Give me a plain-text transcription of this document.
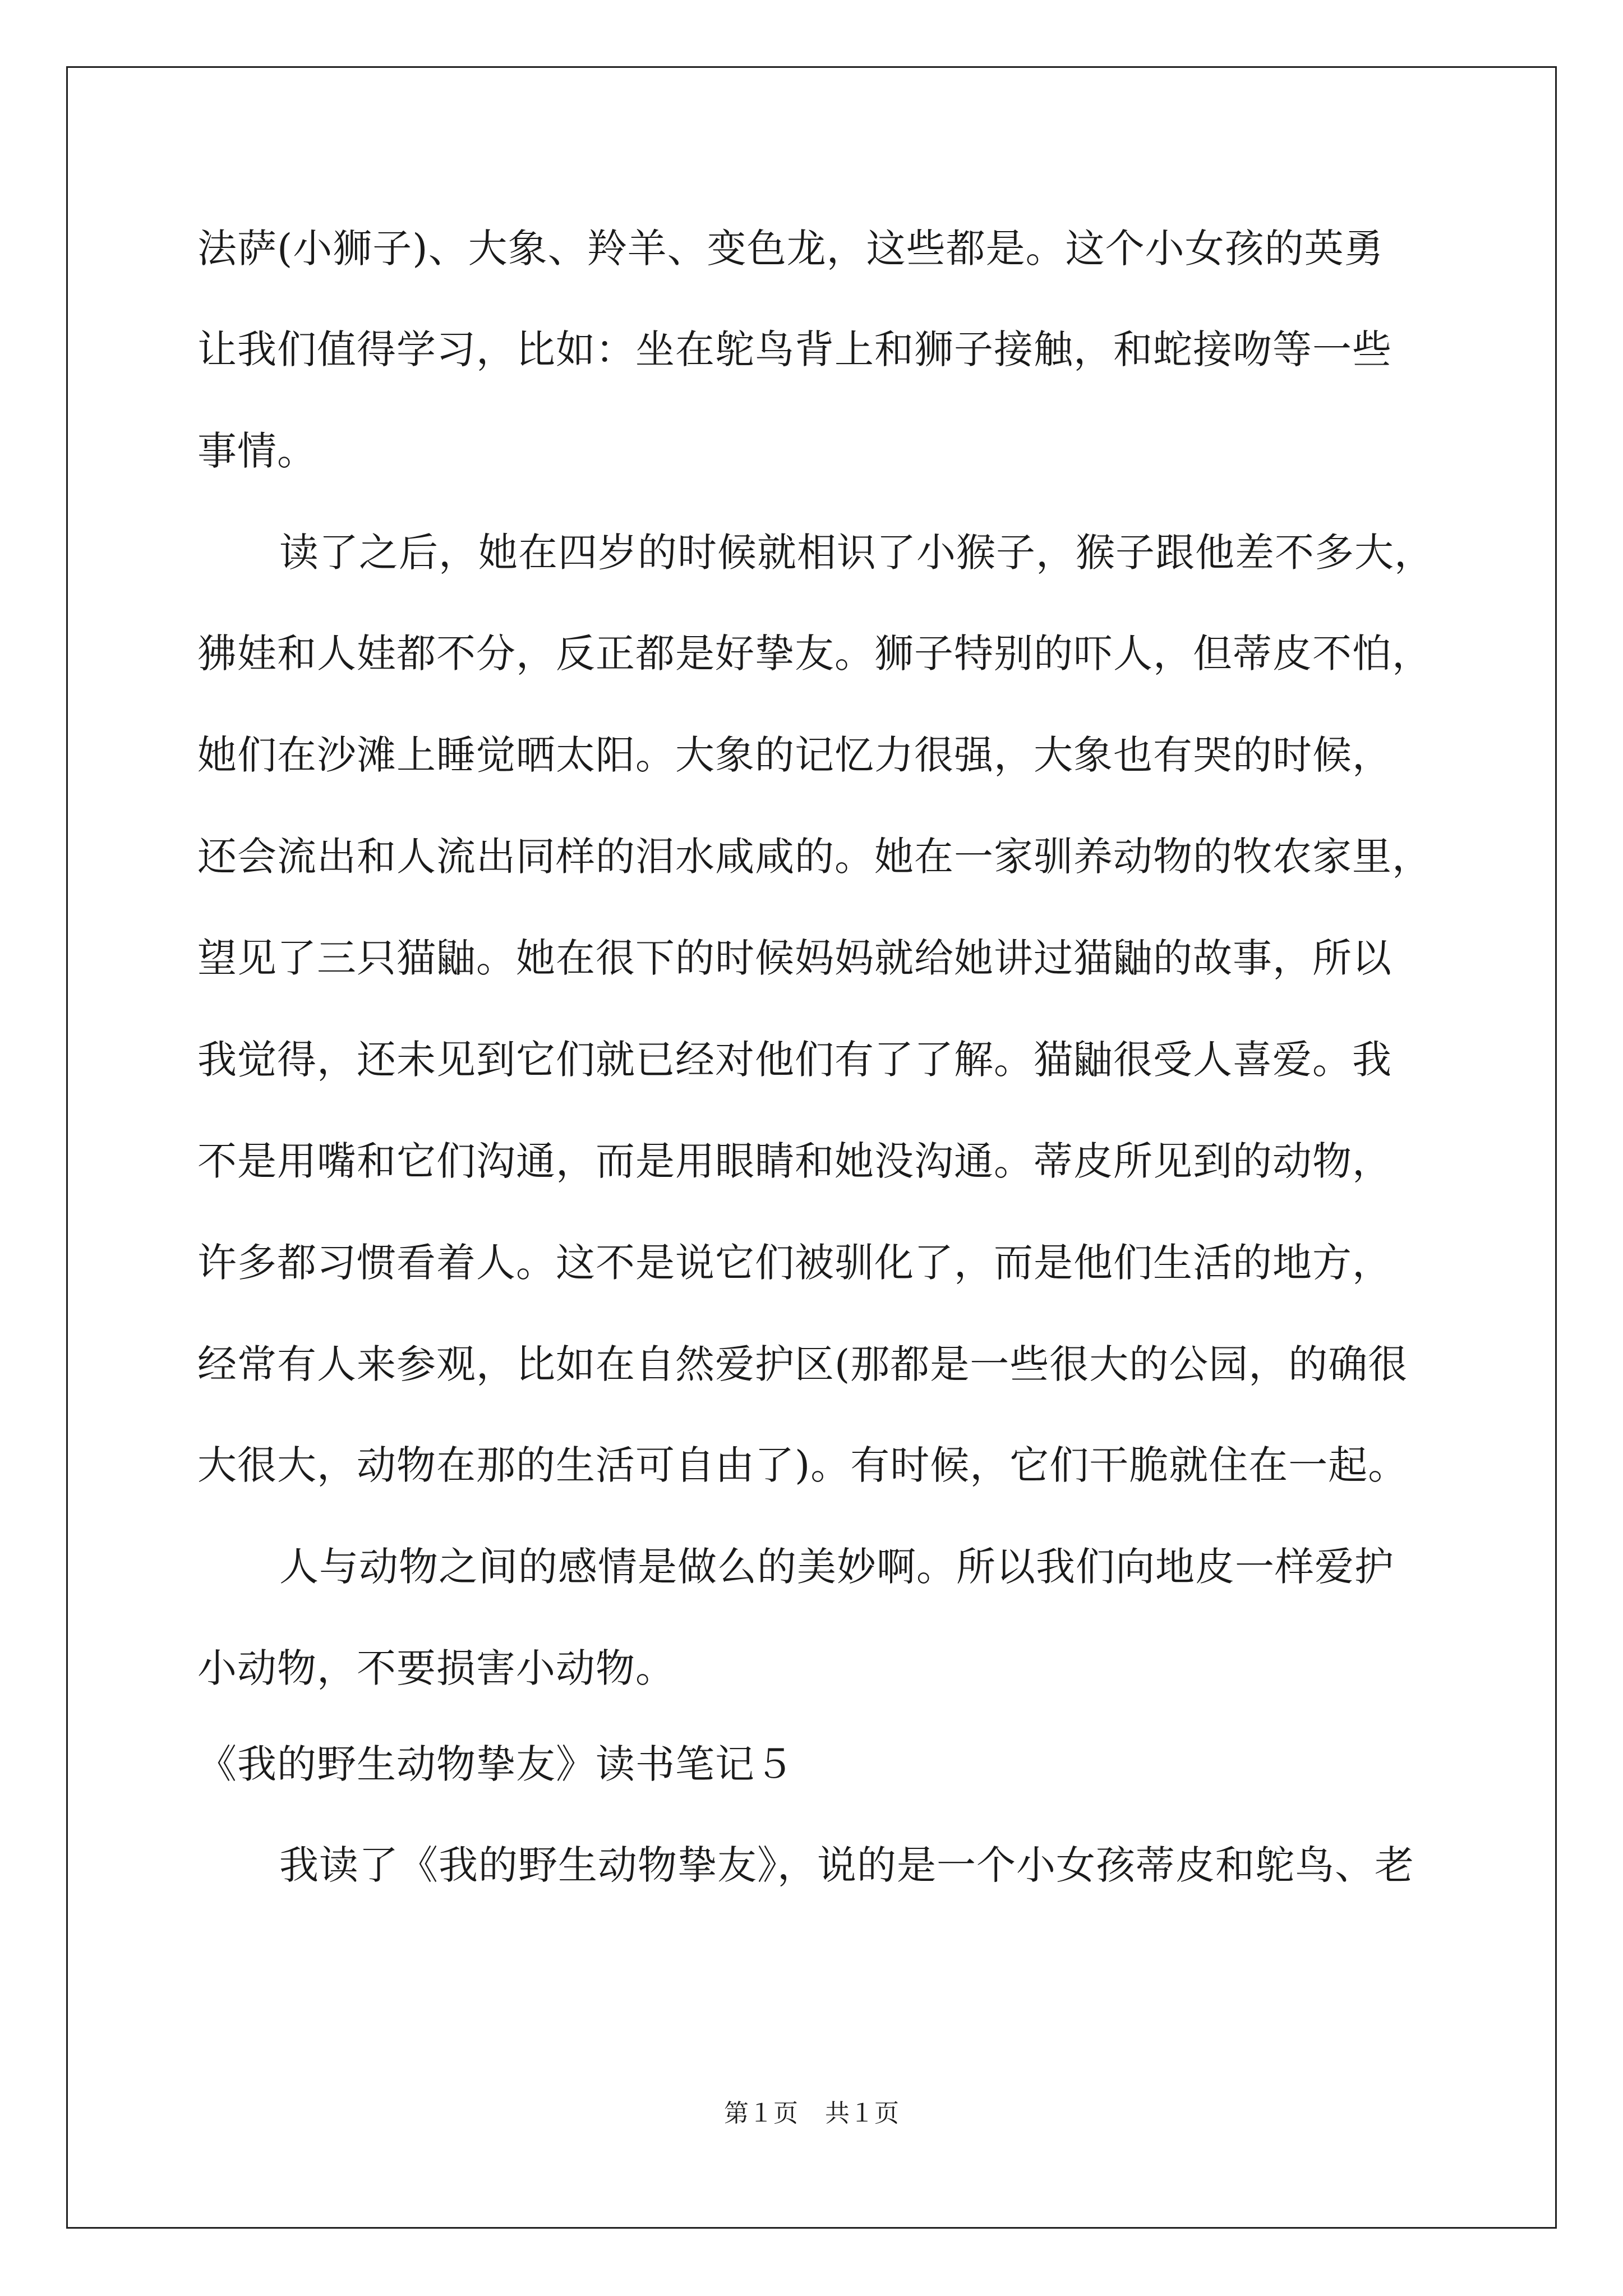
法萨(小狮子)、大象、羚羊、变色龙，这些都是。这个小女孩的英勇
让我们值得学习，比如：坐在鸵鸟背上和狮子接触，和蛇接吻等一些
事情。
读了之后，她在四岁的时候就相识了小猴子，猴子跟他差不多大，
狒娃和人娃都不分，反正都是好挚友。狮子特别的吓人，但蒂皮不怕，
她们在沙滩上睡觉晒太阳。大象的记忆力很强，大象也有哭的时候，
还会流出和人流出同样的泪水咸咸的。她在一家驯养动物的牧农家里，
望见了三只猫鼬。她在很下的时候妈妈就给她讲过猫鼬的故事，所以
我觉得，还未见到它们就已经对他们有了了解。猫鼬很受人喜爱。我
不是用嘴和它们沟通，而是用眼睛和她没沟通。蒂皮所见到的动物，
许多都习惯看着人。这不是说它们被驯化了，而是他们生活的地方，
经常有人来参观，比如在自然爱护区(那都是一些很大的公园，的确很
大很大，动物在那的生活可自由了)。有时候，它们干脆就住在一起。
人与动物之间的感情是做么的美妙啊。所以我们向地皮一样爱护
小动物，不要损害小动物。
《我的野生动物挚友》读书笔记５
我读了《我的野生动物挚友》，说的是一个小女孩蒂皮和鸵鸟、老
第１页 共１页
